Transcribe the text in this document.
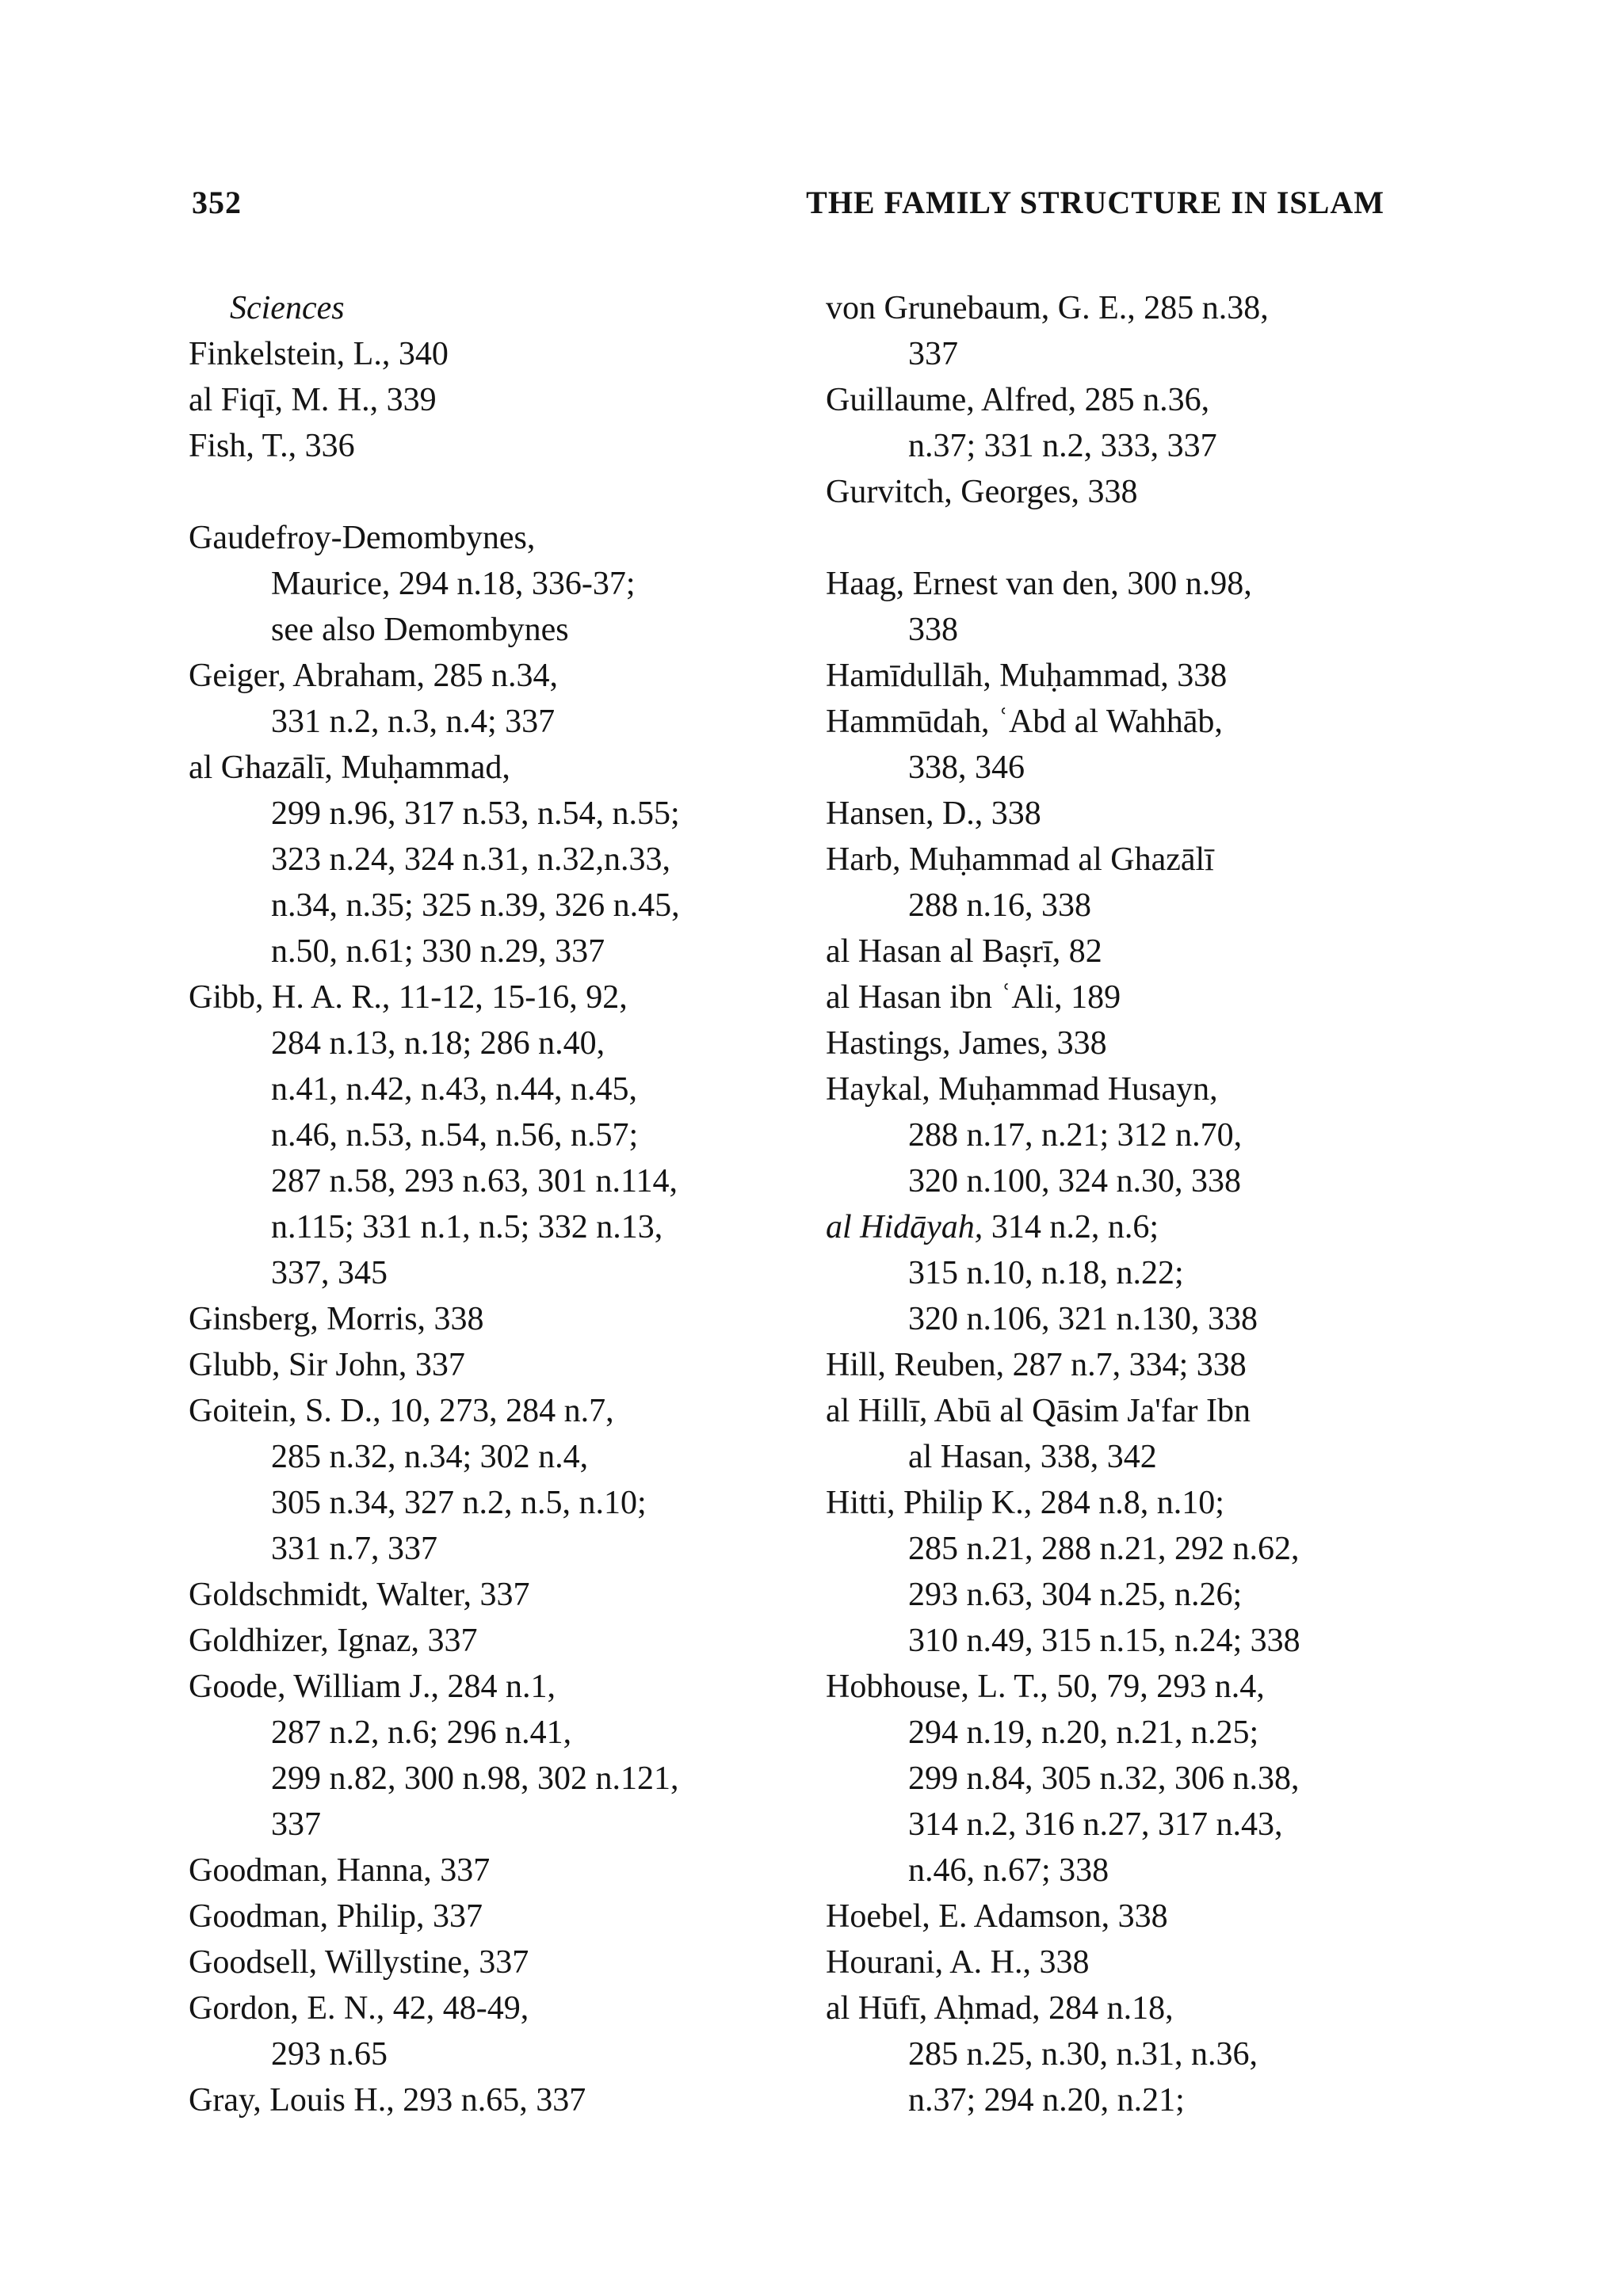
352	THE FAMILY STRUCTURE IN ISLAM
Sciences
Finkelstein, L., 340
al Fiqī, M. H., 339
Fish, T., 336
Gaudefroy-Demombynes,
Maurice, 294 n.18, 336-37;
see also Demombynes
Geiger, Abraham, 285 n.34,
331 n.2, n.3, n.4; 337
al Ghazālī, Muḥammad,
299 n.96, 317 n.53, n.54, n.55;
323 n.24, 324 n.31, n.32,n.33,
n.34, n.35; 325 n.39, 326 n.45,
n.50, n.61; 330 n.29, 337
Gibb, H. A. R., 11-12, 15-16, 92,
284 n.13, n.18; 286 n.40,
n.41, n.42, n.43, n.44, n.45,
n.46, n.53, n.54, n.56, n.57;
287 n.58, 293 n.63, 301 n.114,
n.115; 331 n.1, n.5; 332 n.13,
337, 345
Ginsberg, Morris, 338
Glubb, Sir John, 337
Goitein, S. D., 10, 273, 284 n.7,
285 n.32, n.34; 302 n.4,
305 n.34, 327 n.2, n.5, n.10;
331 n.7, 337
Goldschmidt, Walter, 337
Goldhizer, Ignaz, 337
Goode, William J., 284 n.1,
287 n.2, n.6; 296 n.41,
299 n.82, 300 n.98, 302 n.121,
337
Goodman, Hanna, 337
Goodman, Philip, 337
Goodsell, Willystine, 337
Gordon, E. N., 42, 48-49,
293 n.65
Gray, Louis H., 293 n.65, 337
von Grunebaum, G. E., 285 n.38,
337
Guillaume, Alfred, 285 n.36,
n.37; 331 n.2, 333, 337
Gurvitch, Georges, 338
Haag, Ernest van den, 300 n.98,
338
Hamīdullāh, Muḥammad, 338
Hammūdah, ʿAbd al Wahhāb,
338, 346
Hansen, D., 338
Harb, Muḥammad al Ghazālī
288 n.16, 338
al Hasan al Baṣrī, 82
al Hasan ibn ʿAli, 189
Hastings, James, 338
Haykal, Muḥammad Husayn,
288 n.17, n.21; 312 n.70,
320 n.100, 324 n.30, 338
al Hidāyah, 314 n.2, n.6;
315 n.10, n.18, n.22;
320 n.106, 321 n.130, 338
Hill, Reuben, 287 n.7, 334; 338
al Hillī, Abū al Qāsim Ja'far Ibn
al Hasan, 338, 342
Hitti, Philip K., 284 n.8, n.10;
285 n.21, 288 n.21, 292 n.62,
293 n.63, 304 n.25, n.26;
310 n.49, 315 n.15, n.24; 338
Hobhouse, L. T., 50, 79, 293 n.4,
294 n.19, n.20, n.21, n.25;
299 n.84, 305 n.32, 306 n.38,
314 n.2, 316 n.27, 317 n.43,
n.46, n.67; 338
Hoebel, E. Adamson, 338
Hourani, A. H., 338
al Hūfī, Aḥmad, 284 n.18,
285 n.25, n.30, n.31, n.36,
n.37; 294 n.20, n.21;
